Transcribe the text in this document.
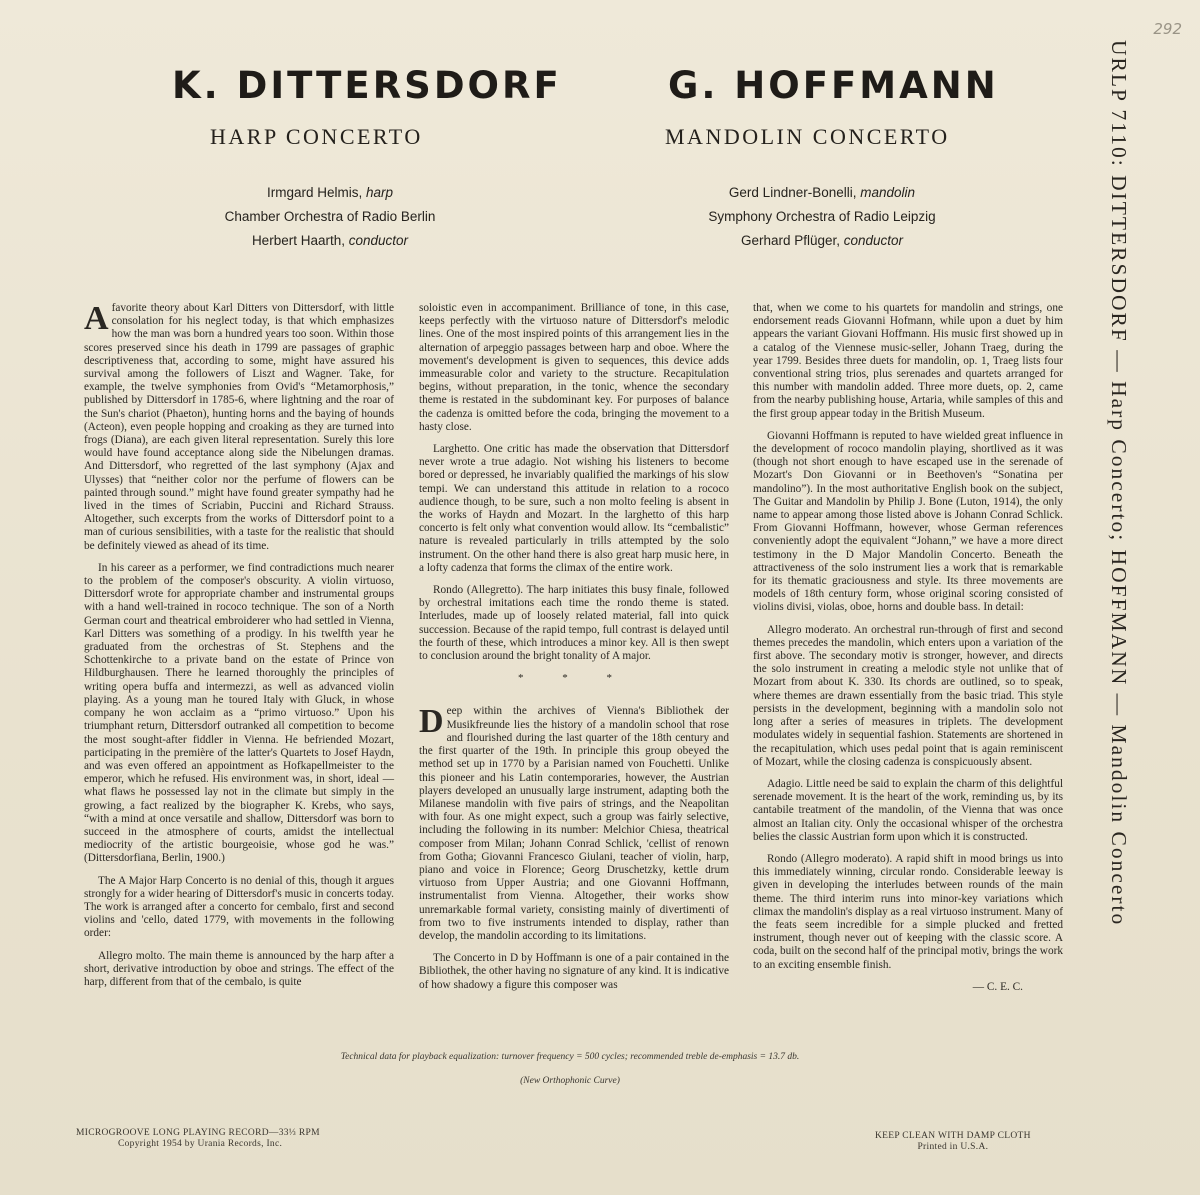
292
K. DITTERSDORF
HARP CONCERTO
Irmgard Helmis, harp
Chamber Orchestra of Radio Berlin
Herbert Haarth, conductor
G. HOFFMANN
MANDOLIN CONCERTO
Gerd Lindner-Bonelli, mandolin
Symphony Orchestra of Radio Leipzig
Gerhard Pflüger, conductor	URLP 7110: DITTERSDORF — Harp Concerto; HOFFMANN — Mandolin Concerto

A favorite theory about Karl Ditters von Dittersdorf, with little consolation for his neglect today, is that which emphasizes how the man was born a hundred years too soon. Within those scores preserved since his death in 1799 are passages of graphic descriptiveness that, according to some, might have assured his survival among the followers of Liszt and Wagner. Take, for example, the twelve symphonies from Ovid's “Metamorphosis,” published by Dittersdorf in 1785-6, where lightning and the roar of the Sun's chariot (Phaeton), hunting horns and the baying of hounds (Acteon), even people hopping and croaking as they are turned into frogs (Diana), are each given literal representation. Surely this lore would have found acceptance along side the Nibelungen dramas. And Dittersdorf, who regretted of the last symphony (Ajax and Ulysses) that “neither color nor the perfume of flowers can be painted through sound.” might have found greater sympathy had he lived in the times of Scriabin, Puccini and Richard Strauss. Altogether, such excerpts from the works of Dittersdorf point to a man of curious sensibilities, with a taste for the realistic that should be definitely viewed as ahead of its time.

In his career as a performer, we find contradictions much nearer to the problem of the composer's obscurity. A violin virtuoso, Dittersdorf wrote for appropriate chamber and instrumental groups with a hand well-trained in rococo technique. The son of a North German court and theatrical embroiderer who had settled in Vienna, Karl Ditters was something of a prodigy. In his twelfth year he graduated from the orchestras of St. Stephens and the Schottenkirche to a private band on the estate of Prince von Hildburghausen. There he learned thoroughly the principles of writing opera buffa and intermezzi, as well as advanced violin playing. As a young man he toured Italy with Gluck, in whose company he won acclaim as a “primo virtuoso.” Upon his triumphant return, Dittersdorf outranked all competition to become the most sought-after fiddler in Vienna. He befriended Mozart, participating in the première of the latter's Quartets to Josef Haydn, and was even offered an appointment as Hofkapellmeister to the emperor, which he refused. His environment was, in short, ideal — what flaws he possessed lay not in the climate but simply in the growing, a fact realized by the biographer K. Krebs, who says, “with a mind at once versatile and shallow, Dittersdorf was born to succeed in the atmosphere of courts, amidst the intellectual mediocrity of the artistic bourgeoisie, whose god he was.” (Dittersdorfiana, Berlin, 1900.)

The A Major Harp Concerto is no denial of this, though it argues strongly for a wider hearing of Dittersdorf's music in concerts today. The work is arranged after a concerto for cembalo, first and second violins and 'cello, dated 1779, with movements in the following order:

Allegro molto. The main theme is announced by the harp after a short, derivative introduction by oboe and strings. The effect of the harp, different from that of the cembalo, is quite

soloistic even in accompaniment. Brilliance of tone, in this case, keeps perfectly with the virtuoso nature of Dittersdorf's melodic lines. One of the most inspired points of this arrangement lies in the alternation of arpeggio passages between harp and oboe. Where the movement's development is given to sequences, this device adds immeasurable color and variety to the structure. Recapitulation begins, without preparation, in the tonic, whence the secondary theme is restated in the subdominant key. For purposes of balance the cadenza is omitted before the coda, bringing the movement to a hasty close.

Larghetto. One critic has made the observation that Dittersdorf never wrote a true adagio. Not wishing his listeners to become bored or depressed, he invariably qualified the markings of his slow tempi. We can understand this attitude in relation to a rococo audience though, to be sure, such a non molto feeling is absent in the works of Haydn and Mozart. In the larghetto of this harp concerto is felt only what convention would allow. Its “cembalistic” nature is revealed particularly in trills attempted by the solo instrument. On the other hand there is also great harp music here, in a lofty cadenza that forms the climax of the entire work.

Rondo (Allegretto). The harp initiates this busy finale, followed by orchestral imitations each time the rondo theme is stated. Interludes, made up of loosely related material, fall into quick succession. Because of the rapid tempo, full contrast is delayed until the fourth of these, which introduces a minor key. All is then swept to conclusion around the bright tonality of A major.

* * *

Deep within the archives of Vienna's Bibliothek der Musikfreunde lies the history of a mandolin school that rose and flourished during the last quarter of the 18th century and the first quarter of the 19th. In principle this group obeyed the method set up in 1770 by a Parisian named von Fouchetti. Unlike this pioneer and his Latin contemporaries, however, the Austrian players developed an unusually large instrument, adapting both the Milanese mandolin with five pairs of strings, and the Neapolitan with four. As one might expect, such a group was fairly selective, including the following in its number: Melchior Chiesa, theatrical composer from Milan; Johann Conrad Schlick, 'cellist of renown from Gotha; Giovanni Francesco Giulani, teacher of violin, harp, piano and voice in Florence; Georg Druschetzky, kettle drum virtuoso from Upper Austria; and one Giovanni Hoffmann, instrumentalist from Vienna. Altogether, their works show unremarkable formal variety, consisting mainly of divertimenti of from two to five instruments intended to display, rather than develop, the mandolin according to its limitations.

The Concerto in D by Hoffmann is one of a pair contained in the Bibliothek, the other having no signature of any kind. It is indicative of how shadowy a figure this composer was

that, when we come to his quartets for mandolin and strings, one endorsement reads Giovanni Hofmann, while upon a duet by him appears the variant Giovani Hoffmann. His music first showed up in a catalog of the Viennese music-seller, Johann Traeg, during the year 1799. Besides three duets for mandolin, op. 1, Traeg lists four conventional string trios, plus serenades and quartets arranged for this number with mandolin added. Three more duets, op. 2, came from the nearby publishing house, Artaria, while samples of this and the first group appear today in the British Museum.

Giovanni Hoffmann is reputed to have wielded great influence in the development of rococo mandolin playing, shortlived as it was (though not short enough to have escaped use in the serenade of Mozart's Don Giovanni or in Beethoven's “Sonatina per mandolino”). In the most authoritative English book on the subject, The Guitar and Mandolin by Philip J. Bone (Luton, 1914), the only name to appear among those listed above is Johann Conrad Schlick. From Giovanni Hoffmann, however, whose German references conveniently adopt the equivalent “Johann,” we have a more direct testimony in the D Major Mandolin Concerto. Beneath the attractiveness of the solo instrument lies a work that is remarkable for its thematic graciousness and style. Its three movements are models of 18th century form, whose original scoring consisted of violins divisi, violas, oboe, horns and double bass. In detail:

Allegro moderato. An orchestral run-through of first and second themes precedes the mandolin, which enters upon a variation of the first above. The secondary motiv is stronger, however, and directs the solo instrument in creating a melodic style not unlike that of Mozart from about K. 330. Its chords are outlined, so to speak, where themes are drawn essentially from the basic triad. This style persists in the development, beginning with a mandolin solo not long after a series of measures in triplets. The development modulates widely in sequential fashion. Statements are shortened in the recapitulation, which uses pedal point that is again reminiscent of Mozart, while the closing cadenza is conspicuously absent.

Adagio. Little need be said to explain the charm of this delightful serenade movement. It is the heart of the work, reminding us, by its cantabile treatment of the mandolin, of the Vienna that was once almost an Italian city. Only the occasional whisper of the orchestra belies the classic Austrian form upon which it is constructed.

Rondo (Allegro moderato). A rapid shift in mood brings us into this immediately winning, circular rondo. Considerable leeway is given in developing the interludes between rounds of the main theme. The third interim runs into minor-key variations which climax the mandolin's display as a real virtuoso instrument. Many of the feats seem incredible for a simple plucked and fretted instrument, though never out of keeping with the classic score. A coda, built on the second half of the principal motiv, brings the work to an exciting ensemble finish.

— C. E. C.
Technical data for playback equalization: turnover frequency = 500 cycles; recommended treble de-emphasis = 13.7 db.
(New Orthophonic Curve)
MICROGROOVE LONG PLAYING RECORD—33⅓ RPM
Copyright 1954 by Urania Records, Inc.
KEEP CLEAN WITH DAMP CLOTH
Printed in U.S.A.
